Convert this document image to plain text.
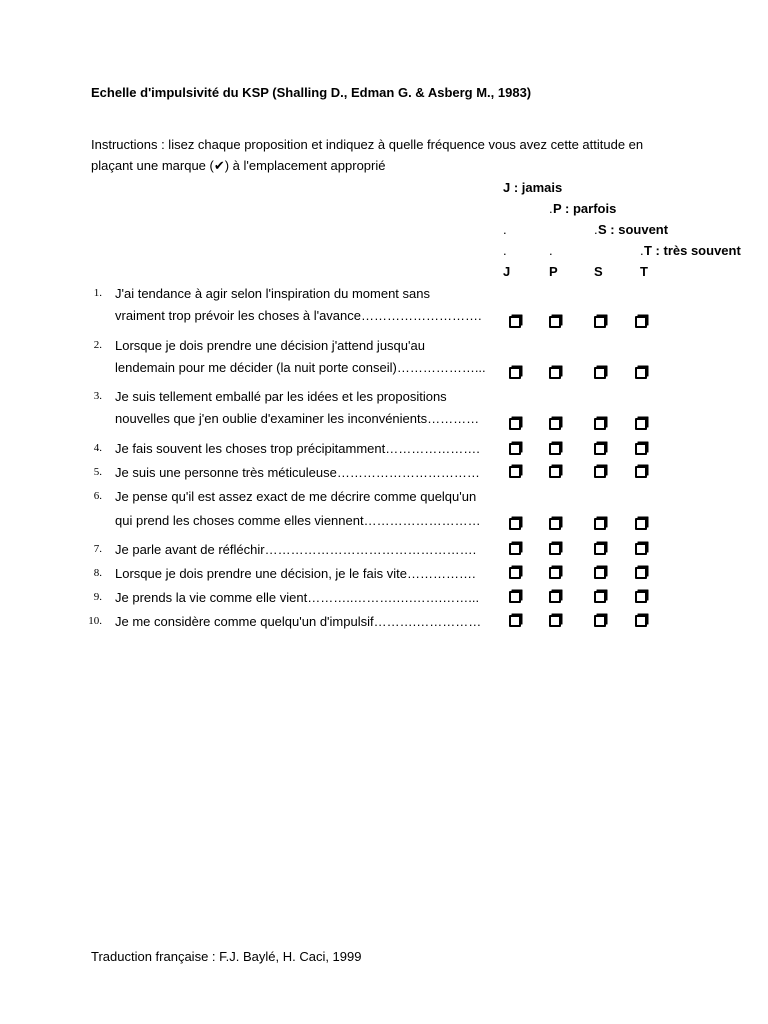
Echelle d'impulsivité du KSP (Shalling D., Edman G. & Asberg M., 1983)
Instructions : lisez chaque proposition et indiquez à quelle fréquence vous avez cette attitude en
plaçant une marque (✔) à l'emplacement approprié
J : jamais
. P : parfois
.	. S : souvent
.	.	. T : très souvent
J	P	S	T
1. J'ai tendance à agir selon l'inspiration du moment sans
vraiment trop prévoir les choses à l'avance……………………….
2. Lorsque je dois prendre une décision j'attend jusqu'au
lendemain pour me décider (la nuit porte conseil)………………...
3. Je suis tellement emballé par les idées et les propositions
nouvelles que j'en oublie d'examiner les inconvénients…………
4. Je fais souvent les choses trop précipitamment………………….
5. Je suis une personne très méticuleuse……………………………
6. Je pense qu'il est assez exact de me décrire comme quelqu'un
qui prend les choses comme elles viennent………………………
7. Je parle avant de réfléchir………………………………………….
8. Lorsque je dois prendre une décision, je le fais vite…………….
9. Je prends la vie comme elle vient………..……….….…….……...
10. Je me considère comme quelqu'un d'impulsif……….……………
Traduction française : F.J. Baylé, H. Caci, 1999
